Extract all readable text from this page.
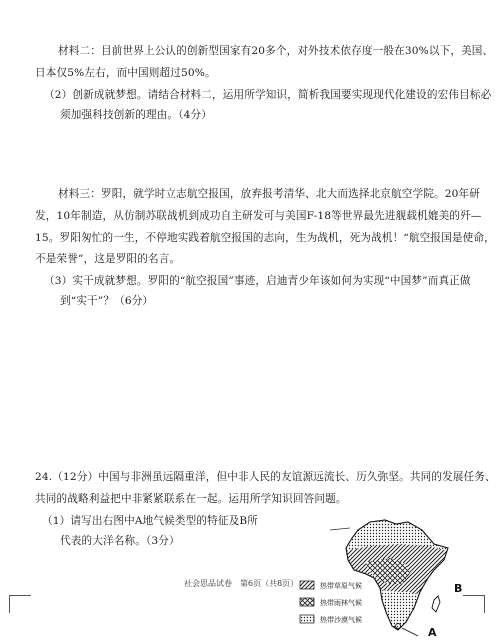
材料二：目前世界上公认的创新型国家有20多个，对外技术依存度一般在30%以下，美国、
日本仅5%左右，而中国则超过50%。
（2）创新成就梦想。请结合材料二，运用所学知识，简析我国要实现现代化建设的宏伟目标必
须加强科技创新的理由。（4分）
材料三：罗阳，就学时立志航空报国，放弃报考清华、北大而选择北京航空学院。20年研
发，10年制造，从仿制苏联战机到成功自主研发可与美国F-18等世界最先进舰载机媲美的歼—
15。罗阳匆忙的一生，不停地实践着航空报国的志向，生为战机，死为战机！“航空报国是使命，
不是荣誉”，这是罗阳的名言。
（3）实干成就梦想。罗阳的“航空报国”事迹，启迪青少年该如何为实现“中国梦”而真正做
到“实干”？（6分）
24.（12分）中国与非洲虽远隔重洋，但中非人民的友谊源远流长、历久弥坚。共同的发展任务、
共同的战略利益把中非紧紧联系在一起。运用所学知识回答问题。
（1）请写出右图中A地气候类型的特征及B所
代表的大洋名称。（3分）
A
B
热带草原气候
热带雨林气候
热带沙漠气候
社会思品试卷　第6页（共8页）
